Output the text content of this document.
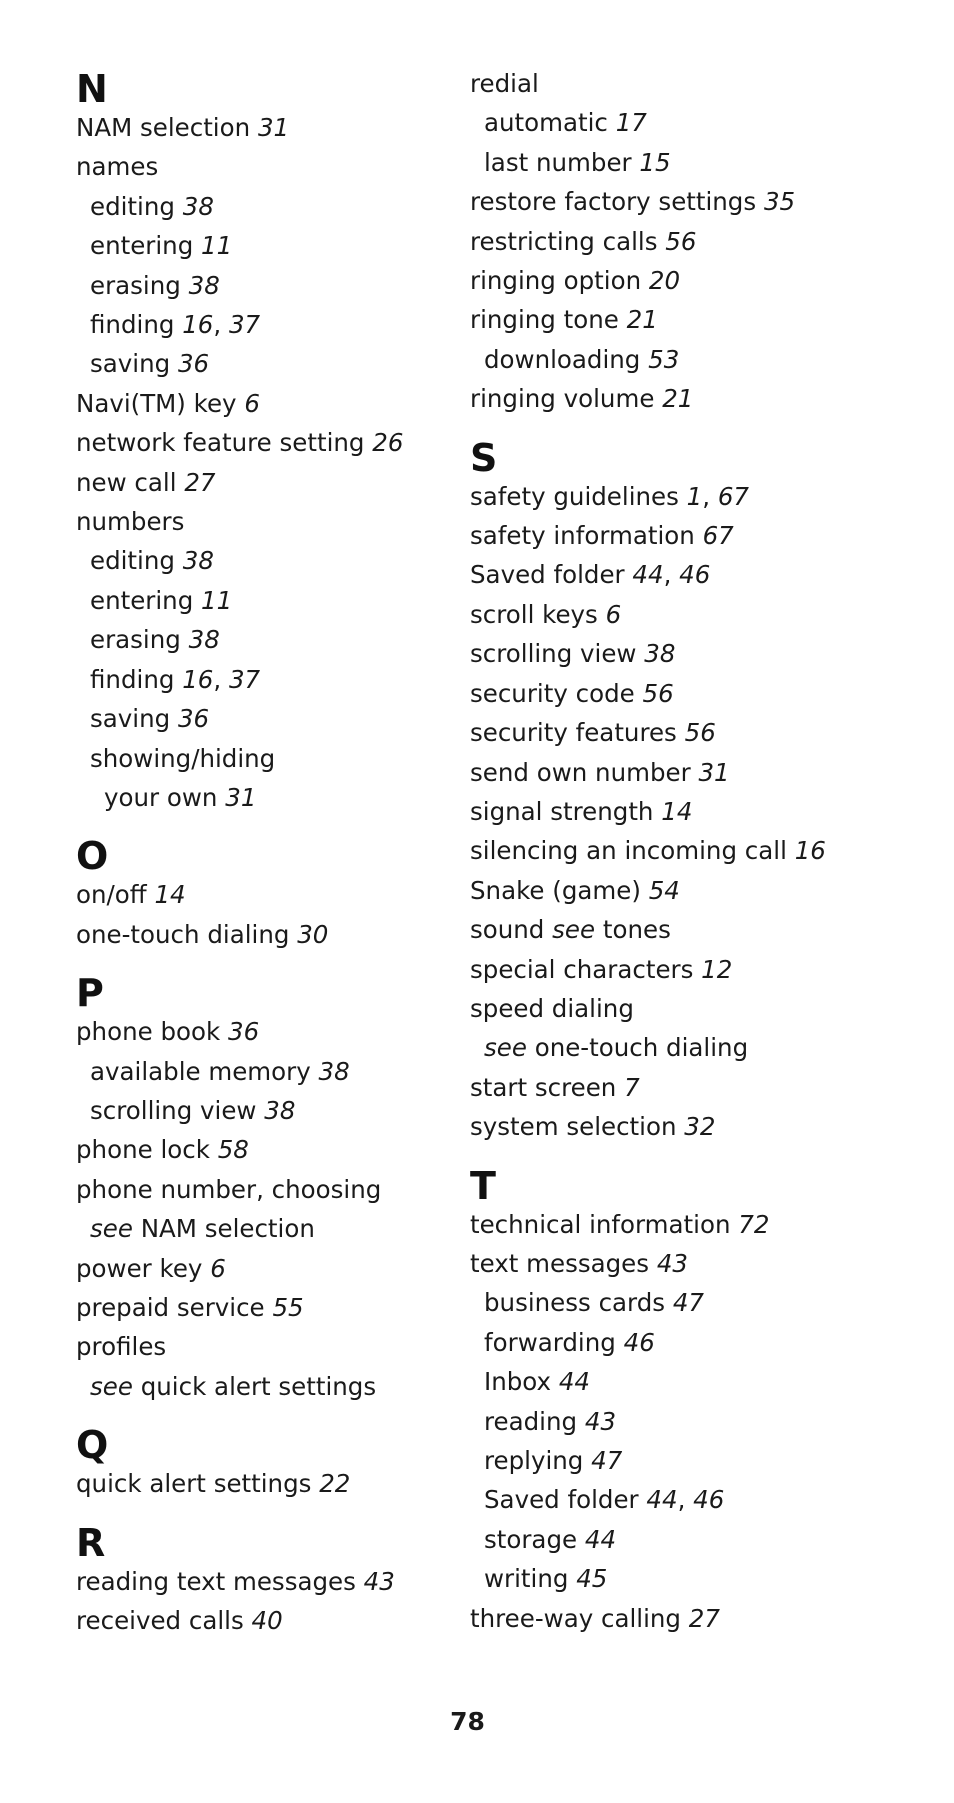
N
NAM selection 31
names
editing 38
entering 11
erasing 38
finding 16, 37
saving 36
Navi(TM) key 6
network feature setting 26
new call 27
numbers
editing 38
entering 11
erasing 38
finding 16, 37
saving 36
showing/hiding
your own 31
O
on/off 14
one-touch dialing 30
P
phone book 36
available memory 38
scrolling view 38
phone lock 58
phone number, choosing
see NAM selection
power key 6
prepaid service 55
profiles
see quick alert settings
Q
quick alert settings 22
R
reading text messages 43
received calls 40
redial
automatic 17
last number 15
restore factory settings 35
restricting calls 56
ringing option 20
ringing tone 21
downloading 53
ringing volume 21
S
safety guidelines 1, 67
safety information 67
Saved folder 44, 46
scroll keys 6
scrolling view 38
security code 56
security features 56
send own number 31
signal strength 14
silencing an incoming call 16
Snake (game) 54
sound see tones
special characters 12
speed dialing
see one-touch dialing
start screen 7
system selection 32
T
technical information 72
text messages 43
business cards 47
forwarding 46
Inbox 44
reading 43
replying 47
Saved folder 44, 46
storage 44
writing 45
three-way calling 27
78
